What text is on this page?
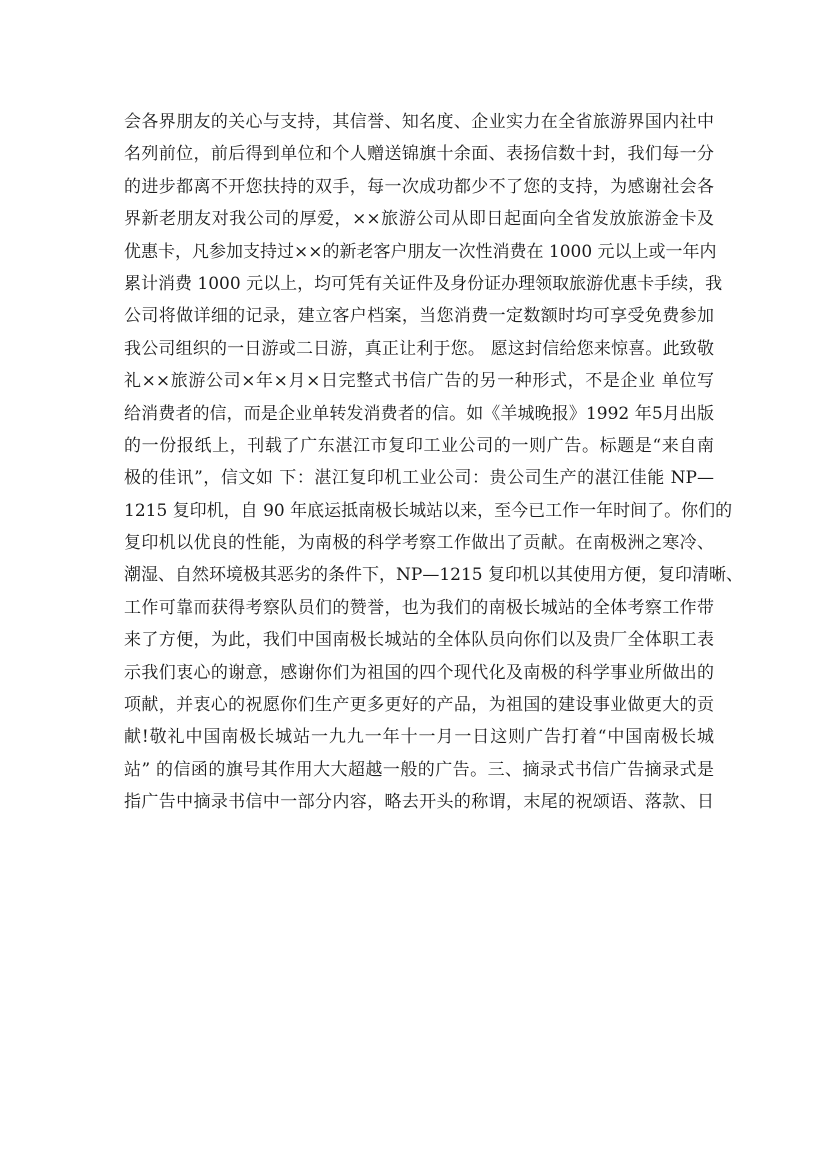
会各界朋友的关心与支持，其信誉、知名度、企业实力在全省旅游界国内社中
名列前位，前后得到单位和个人赠送锦旗十余面、表扬信数十封，我们每一分
的进步都离不开您扶持的双手，每一次成功都少不了您的支持，为感谢社会各
界新老朋友对我公司的厚爱，××旅游公司从即日起面向全省发放旅游金卡及
优惠卡，凡参加支持过××的新老客户朋友一次性消费在 1000 元以上或一年内
累计消费 1000 元以上，均可凭有关证件及身份证办理领取旅游优惠卡手续，我
公司将做详细的记录，建立客户档案，当您消费一定数额时均可享受免费参加
我公司组织的一日游或二日游，真正让利于您。 愿这封信给您来惊喜。此致敬
礼××旅游公司×年×月×日完整式书信广告的另一种形式，不是企业 单位写
给消费者的信，而是企业单转发消费者的信。如《羊城晚报》1992 年5月出版
的一份报纸上，刊载了广东湛江市复印工业公司的一则广告。标题是“来自南
极的佳讯”，信文如 下：湛江复印机工业公司：贵公司生产的湛江佳能 NP—
1215 复印机，自 90 年底运抵南极长城站以来，至今已工作一年时间了。你们的
复印机以优良的性能，为南极的科学考察工作做出了贡献。在南极洲之寒冷、
潮湿、自然环境极其恶劣的条件下，NP—1215 复印机以其使用方便，复印清晰、
工作可靠而获得考察队员们的赞誉，也为我们的南极长城站的全体考察工作带
来了方便，为此，我们中国南极长城站的全体队员向你们以及贵厂全体职工表
示我们衷心的谢意，感谢你们为祖国的四个现代化及南极的科学事业所做出的
项献，并衷心的祝愿你们生产更多更好的产品，为祖国的建设事业做更大的贡
献!敬礼中国南极长城站一九九一年十一月一日这则广告打着“中国南极长城
站” 的信函的旗号其作用大大超越一般的广告。三、摘录式书信广告摘录式是
指广告中摘录书信中一部分内容，略去开头的称谓，末尾的祝颂语、落款、日
